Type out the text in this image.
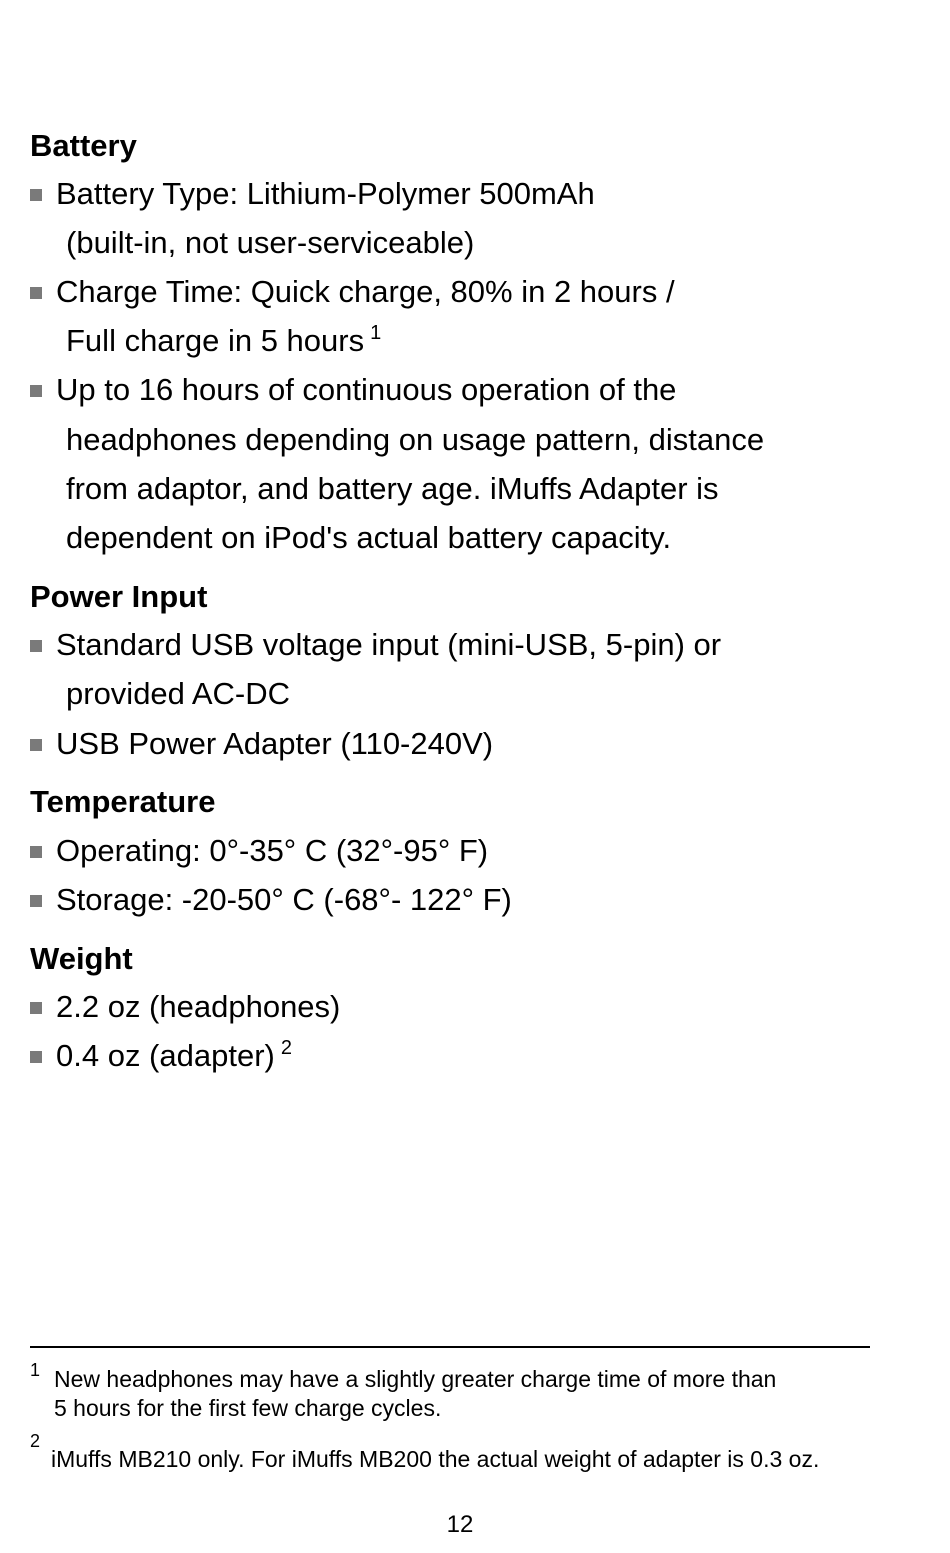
Battery
Battery Type: Lithium-Polymer 500mAh
(built-in, not user-serviceable)
Charge Time: Quick charge, 80% in 2 hours /
Full charge in 5 hours $^1$
Up to 16 hours of continuous operation of the
headphones depending on usage pattern, distance
from adaptor, and battery age. iMuffs Adapter is
dependent on iPod's actual battery capacity.
Power Input
Standard USB voltage input (mini-USB, 5-pin) or
provided AC-DC
USB Power Adapter (110-240V)
Temperature
Operating: 0°-35° C (32°-95° F)
Storage: -20-50° C (-68°- 122° F)
Weight
2.2 oz (headphones)
0.4 oz (adapter) $^2$
1 New headphones may have a slightly greater charge time of more than
5 hours for the first few charge cycles.
2
iMuffs MB210 only. For iMuffs MB200 the actual weight of adapter is 0.3 oz.
12
